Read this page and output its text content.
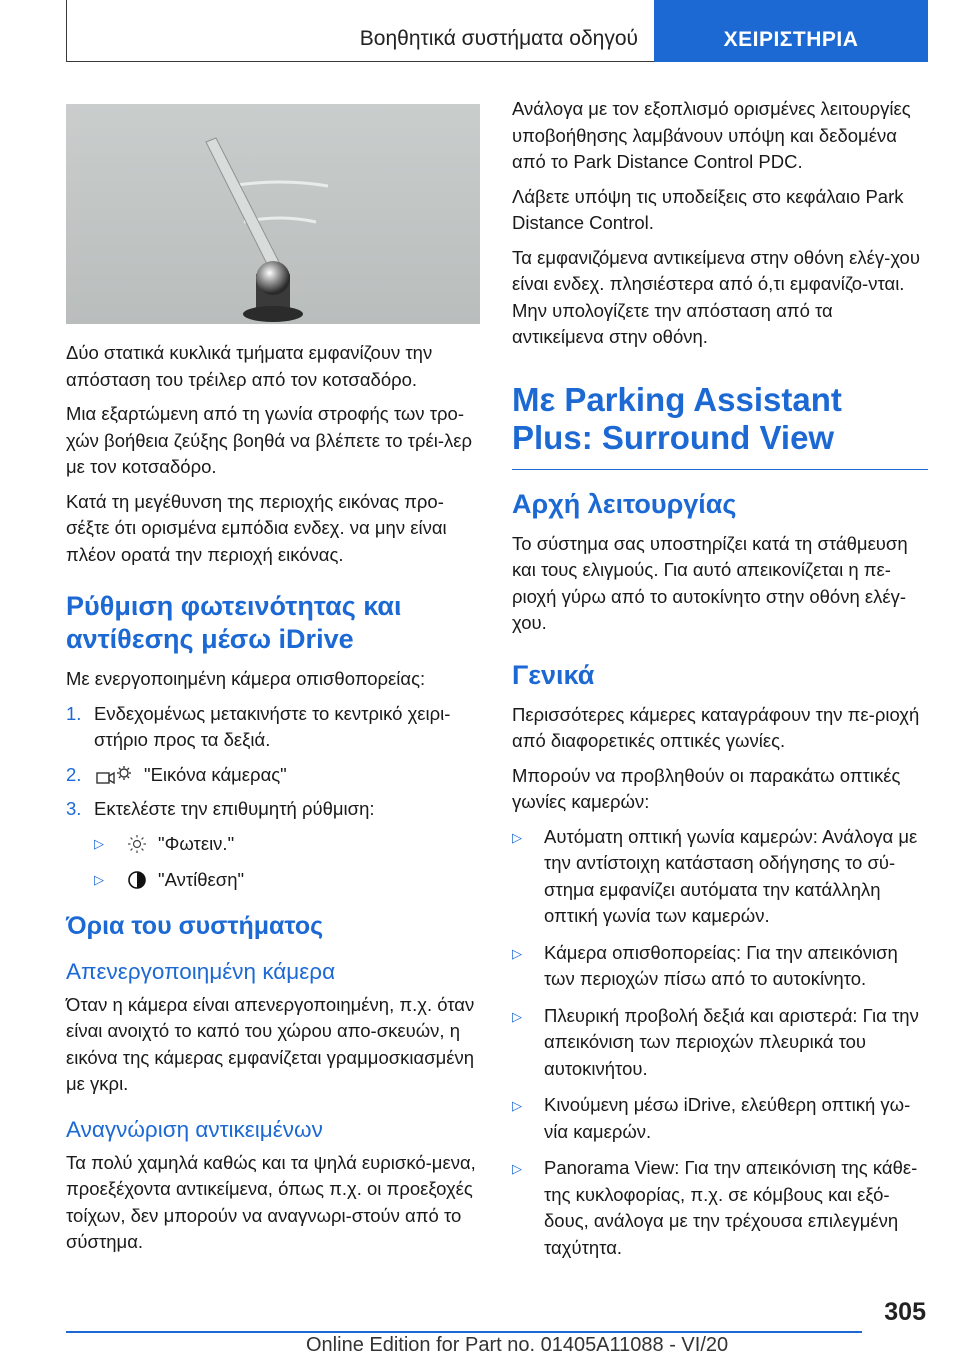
Βοηθητικά συστήματα οδηγού	ΧΕΙΡΙΣΤΗΡΙΑ

Δύο στατικά κυκλικά τμήματα εμφανίζουν την απόσταση του τρέιλερ από τον κοτσαδόρο.

Μια εξαρτώμενη από τη γωνία στροφής των τρο-χών βοήθεια ζεύξης βοηθά να βλέπετε το τρέι-λερ με τον κοτσαδόρο.

Κατά τη μεγέθυνση της περιοχής εικόνας προ-σέξτε ότι ορισμένα εμπόδια ενδεχ. να μην είναι πλέον ορατά την περιοχή εικόνας.

Ρύθμιση φωτεινότητας και αντίθεσης μέσω iDrive

Με ενεργοποιημένη κάμερα οπισθοπορείας:

1. Ενδεχομένως μετακινήστε το κεντρικό χειρι-στήριο προς τα δεξιά.
2.	"Εικόνα κάμερας"
3. Εκτελέστε την επιθυμητή ρύθμιση:
▷	"Φωτειν."
▷	"Αντίθεση"
Όρια του συστήματος
Απενεργοποιημένη κάμερα

Όταν η κάμερα είναι απενεργοποιημένη, π.χ. όταν είναι ανοιχτό το καπό του χώρου απο-σκευών, η εικόνα της κάμερας εμφανίζεται γραμμοσκιασμένη με γκρι.

Αναγνώριση αντικειμένων

Τα πολύ χαμηλά καθώς και τα ψηλά ευρισκό-μενα, προεξέχοντα αντικείμενα, όπως π.χ. οι προεξοχές τοίχων, δεν μπορούν να αναγνωρι-στούν από το σύστημα.

Ανάλογα με τον εξοπλισμό ορισμένες λειτουργίες υποβοήθησης λαμβάνουν υπόψη και δεδομένα από το Park Distance Control PDC.

Λάβετε υπόψη τις υποδείξεις στο κεφάλαιο Park Distance Control.

Τα εμφανιζόμενα αντικείμενα στην οθόνη ελέγ-χου είναι ενδεχ. πλησιέστερα από ό,τι εμφανίζο-νται. Μην υπολογίζετε την απόσταση από τα αντικείμενα στην οθόνη.

Με Parking Assistant Plus: Surround View
Αρχή λειτουργίας

Το σύστημα σας υποστηρίζει κατά τη στάθμευση και τους ελιγμούς. Για αυτό απεικονίζεται η πε-ριοχή γύρω από το αυτοκίνητο στην οθόνη ελέγ-χου.

Γενικά

Περισσότερες κάμερες καταγράφουν την πε-ριοχή από διαφορετικές οπτικές γωνίες.

Μπορούν να προβληθούν οι παρακάτω οπτικές γωνίες καμερών:

▷	Αυτόματη οπτική γωνία καμερών: Ανάλογα με την αντίστοιχη κατάσταση οδήγησης το σύ-στημα εμφανίζει αυτόματα την κατάλληλη οπτική γωνία των καμερών.
▷	Κάμερα οπισθοπορείας: Για την απεικόνιση των περιοχών πίσω από το αυτοκίνητο.
▷	Πλευρική προβολή δεξιά και αριστερά: Για την απεικόνιση των περιοχών πλευρικά του αυτοκινήτου.
▷	Κινούμενη μέσω iDrive, ελεύθερη οπτική γω-νία καμερών.
▷	Panorama View: Για την απεικόνιση της κάθε-της κυκλοφορίας, π.χ. σε κόμβους και εξό-δους, ανάλογα με την τρέχουσα επιλεγμένη ταχύτητα.
305
Online Edition for Part no. 01405A11088 - VI/20
